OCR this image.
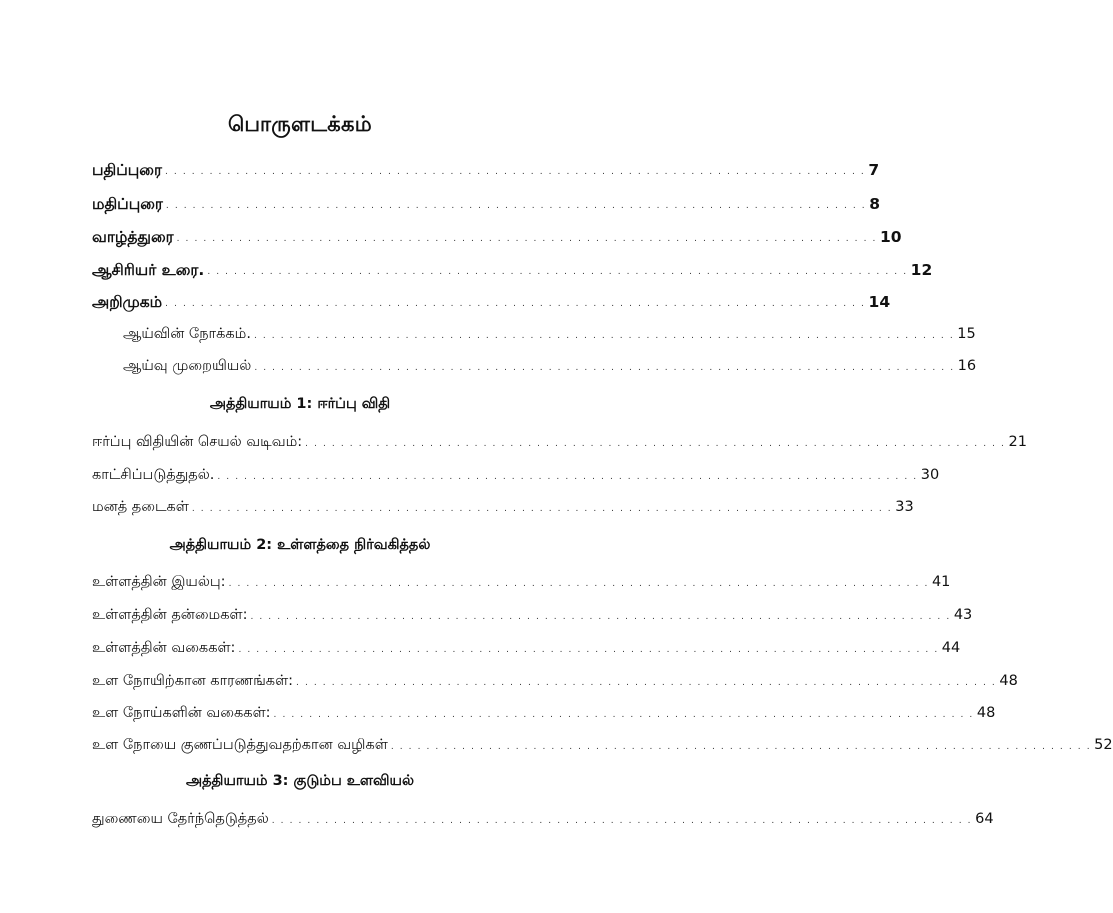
பொருளடக்கம்
பதிப்புரை . . . . . . . . . . . . . . . . . . . . . . . . . . . . . . . . . . . . . . . . . . . . . . . . . . . . . . . . . . . . . . . . . . . . . . . . . . . . . . . 7
மதிப்புரை . . . . . . . . . . . . . . . . . . . . . . . . . . . . . . . . . . . . . . . . . . . . . . . . . . . . . . . . . . . . . . . . . . . . . . . . . . . . . . . 8
வாழ்த்துரை . . . . . . . . . . . . . . . . . . . . . . . . . . . . . . . . . . . . . . . . . . . . . . . . . . . . . . . . . . . . . . . . . . . . . . . . . . . . . . . 10
ஆசிரியர் உரை. . . . . . . . . . . . . . . . . . . . . . . . . . . . . . . . . . . . . . . . . . . . . . . . . . . . . . . . . . . . . . . . . . . . . . . . . . . . . . . . 12
அறிமுகம் . . . . . . . . . . . . . . . . . . . . . . . . . . . . . . . . . . . . . . . . . . . . . . . . . . . . . . . . . . . . . . . . . . . . . . . . . . . . . . . 14
ஆய்வின் நோக்கம். . . . . . . . . . . . . . . . . . . . . . . . . . . . . . . . . . . . . . . . . . . . . . . . . . . . . . . . . . . . . . . . . . . . . . . . . . . . . . . . 15
ஆய்வு முறையியல் . . . . . . . . . . . . . . . . . . . . . . . . . . . . . . . . . . . . . . . . . . . . . . . . . . . . . . . . . . . . . . . . . . . . . . . . . . . . . . . 16
அத்தியாயம் 1: ஈர்ப்பு விதி
ஈர்ப்பு விதியின் செயல் வடிவம்: . . . . . . . . . . . . . . . . . . . . . . . . . . . . . . . . . . . . . . . . . . . . . . . . . . . . . . . . . . . . . . . . . . . . . . . . . . . . . . . 21
காட்சிப்படுத்துதல். . . . . . . . . . . . . . . . . . . . . . . . . . . . . . . . . . . . . . . . . . . . . . . . . . . . . . . . . . . . . . . . . . . . . . . . . . . . . . . . 30
மனத் தடைகள் . . . . . . . . . . . . . . . . . . . . . . . . . . . . . . . . . . . . . . . . . . . . . . . . . . . . . . . . . . . . . . . . . . . . . . . . . . . . . . . 33
அத்தியாயம் 2: உள்ளத்தை நிர்வகித்தல்
உள்ளத்தின் இயல்பு: . . . . . . . . . . . . . . . . . . . . . . . . . . . . . . . . . . . . . . . . . . . . . . . . . . . . . . . . . . . . . . . . . . . . . . . . . . . . . . . 41
உள்ளத்தின் தன்மைகள்: . . . . . . . . . . . . . . . . . . . . . . . . . . . . . . . . . . . . . . . . . . . . . . . . . . . . . . . . . . . . . . . . . . . . . . . . . . . . . . . 43
உள்ளத்தின் வகைகள்: . . . . . . . . . . . . . . . . . . . . . . . . . . . . . . . . . . . . . . . . . . . . . . . . . . . . . . . . . . . . . . . . . . . . . . . . . . . . . . . 44
உள நோயிற்கான காரணங்கள்: . . . . . . . . . . . . . . . . . . . . . . . . . . . . . . . . . . . . . . . . . . . . . . . . . . . . . . . . . . . . . . . . . . . . . . . . . . . . . . . 48
உள நோய்களின் வகைகள்: . . . . . . . . . . . . . . . . . . . . . . . . . . . . . . . . . . . . . . . . . . . . . . . . . . . . . . . . . . . . . . . . . . . . . . . . . . . . . . . 48
உள நோயை குணப்படுத்துவதற்கான வழிகள் . . . . . . . . . . . . . . . . . . . . . . . . . . . . . . . . . . . . . . . . . . . . . . . . . . . . . . . . . . . . . . . . . . . . . . . . . . . . . . . 52
அத்தியாயம் 3: குடும்ப உளவியல்
துணையை தேர்ந்தெடுத்தல் . . . . . . . . . . . . . . . . . . . . . . . . . . . . . . . . . . . . . . . . . . . . . . . . . . . . . . . . . . . . . . . . . . . . . . . . . . . . . . . 64
